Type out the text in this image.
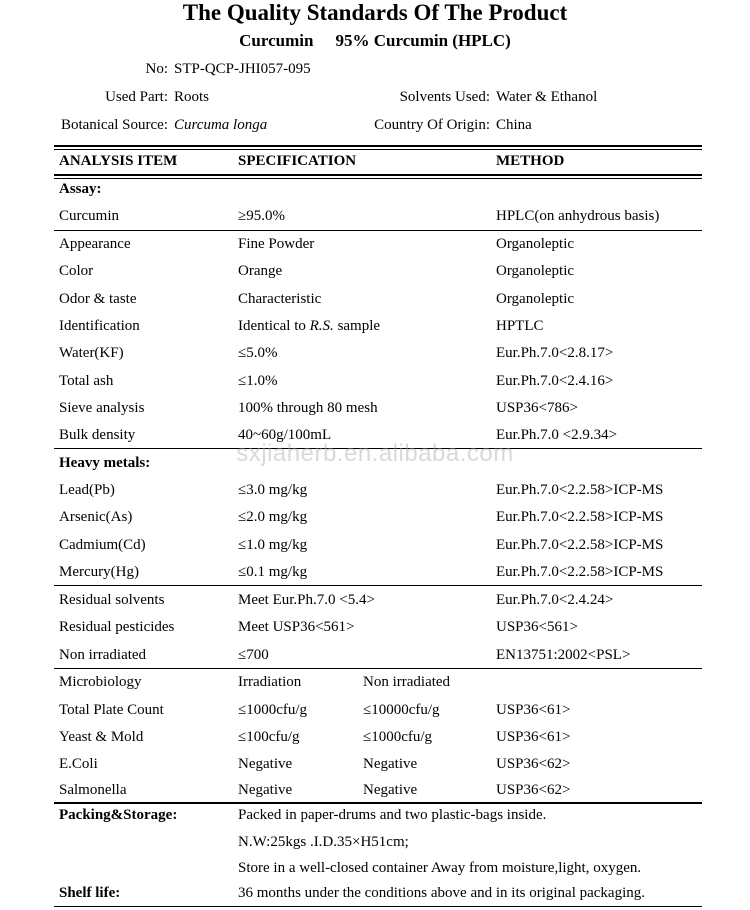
The Quality Standards Of The Product
Curcumin 95% Curcumin (HPLC)
No: STP-QCP-JHI057-095
Used Part: Roots	Solvents Used: Water & Ethanol
Botanical Source: Curcuma longa	Country Of Origin: China
ANALYSIS ITEM	SPECIFICATION	METHOD
Assay:
Curcumin	≥95.0%	HPLC(on anhydrous basis)
Appearance	Fine Powder	Organoleptic
Color	Orange	Organoleptic
Odor & taste	Characteristic	Organoleptic
Identification	Identical to R.S. sample	HPTLC
Water(KF)	≤5.0%	Eur.Ph.7.0<2.8.17>
Total ash	≤1.0%	Eur.Ph.7.0<2.4.16>
Sieve analysis	100% through 80 mesh	USP36<786>
Bulk density	40~60g/100mL	Eur.Ph.7.0 <2.9.34>
Heavy metals:
Lead(Pb)	≤3.0 mg/kg	Eur.Ph.7.0<2.2.58>ICP-MS
Arsenic(As)	≤2.0 mg/kg	Eur.Ph.7.0<2.2.58>ICP-MS
Cadmium(Cd)	≤1.0 mg/kg	Eur.Ph.7.0<2.2.58>ICP-MS
Mercury(Hg)	≤0.1 mg/kg	Eur.Ph.7.0<2.2.58>ICP-MS
Residual solvents	Meet Eur.Ph.7.0 <5.4>	Eur.Ph.7.0<2.4.24>
Residual pesticides	Meet USP36<561>	USP36<561>
Non irradiated	≤700	EN13751:2002<PSL>
Microbiology	Irradiation	Non irradiated
Total Plate Count	≤1000cfu/g	≤10000cfu/g	USP36<61>
Yeast & Mold	≤100cfu/g	≤1000cfu/g	USP36<61>
E.Coli	Negative	Negative	USP36<62>
Salmonella	Negative	Negative	USP36<62>
Packing&Storage:	Packed in paper-drums and two plastic-bags inside.
N.W:25kgs .I.D.35×H51cm;
Store in a well-closed container Away from moisture,light, oxygen.
Shelf life:	36 months under the conditions above and in its original packaging.
sxjiaherb.en.alibaba.com
